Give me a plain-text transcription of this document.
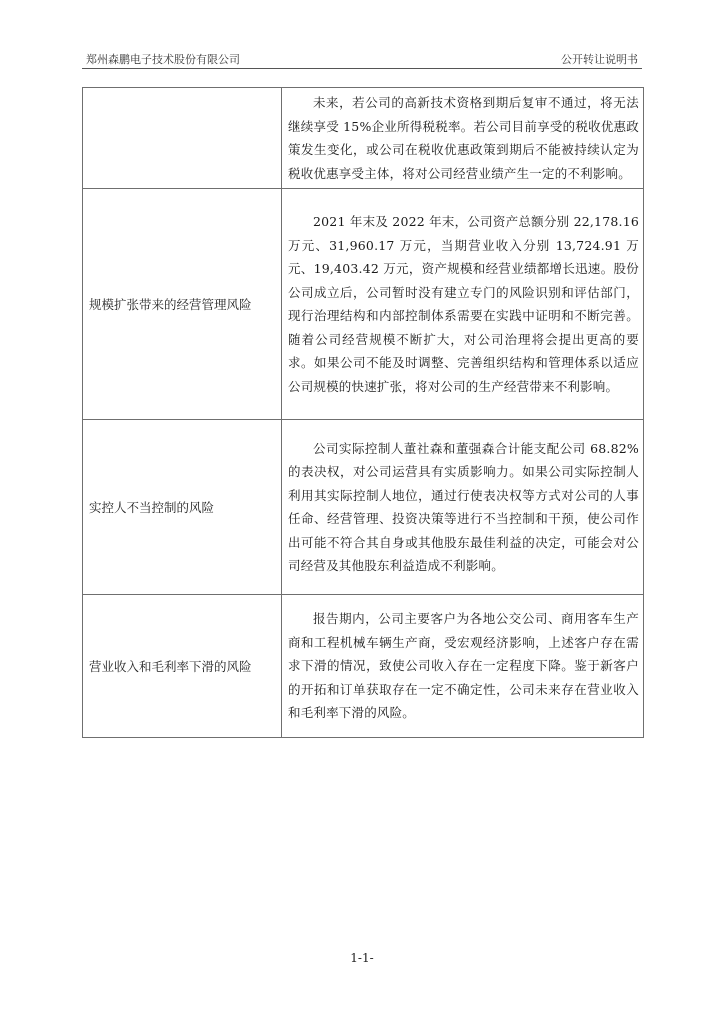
郑州森鹏电子技术股份有限公司	公开转让说明书

	未来，若公司的高新技术资格到期后复审不通过，将无法继续享受 15%企业所得税税率。若公司目前享受的税收优惠政策发生变化，或公司在税收优惠政策到期后不能被持续认定为税收优惠享受主体，将对公司经营业绩产生一定的不利影响。

规模扩张带来的经营管理风险	2021 年末及 2022 年末，公司资产总额分别 22,178.16 万元、31,960.17 万元，当期营业收入分别 13,724.91 万元、19,403.42 万元，资产规模和经营业绩都增长迅速。股份公司成立后，公司暂时没有建立专门的风险识别和评估部门，现行治理结构和内部控制体系需要在实践中证明和不断完善。随着公司经营规模不断扩大，对公司治理将会提出更高的要求。如果公司不能及时调整、完善组织结构和管理体系以适应公司规模的快速扩张，将对公司的生产经营带来不利影响。

实控人不当控制的风险	公司实际控制人董社森和董强森合计能支配公司 68.82%的表决权，对公司运营具有实质影响力。如果公司实际控制人利用其实际控制人地位，通过行使表决权等方式对公司的人事任命、经营管理、投资决策等进行不当控制和干预，使公司作出可能不符合其自身或其他股东最佳利益的决定，可能会对公司经营及其他股东利益造成不利影响。

营业收入和毛利率下滑的风险	报告期内，公司主要客户为各地公交公司、商用客车生产商和工程机械车辆生产商，受宏观经济影响，上述客户存在需求下滑的情况，致使公司收入存在一定程度下降。鉴于新客户的开拓和订单获取存在一定不确定性，公司未来存在营业收入和毛利率下滑的风险。

1-1-
